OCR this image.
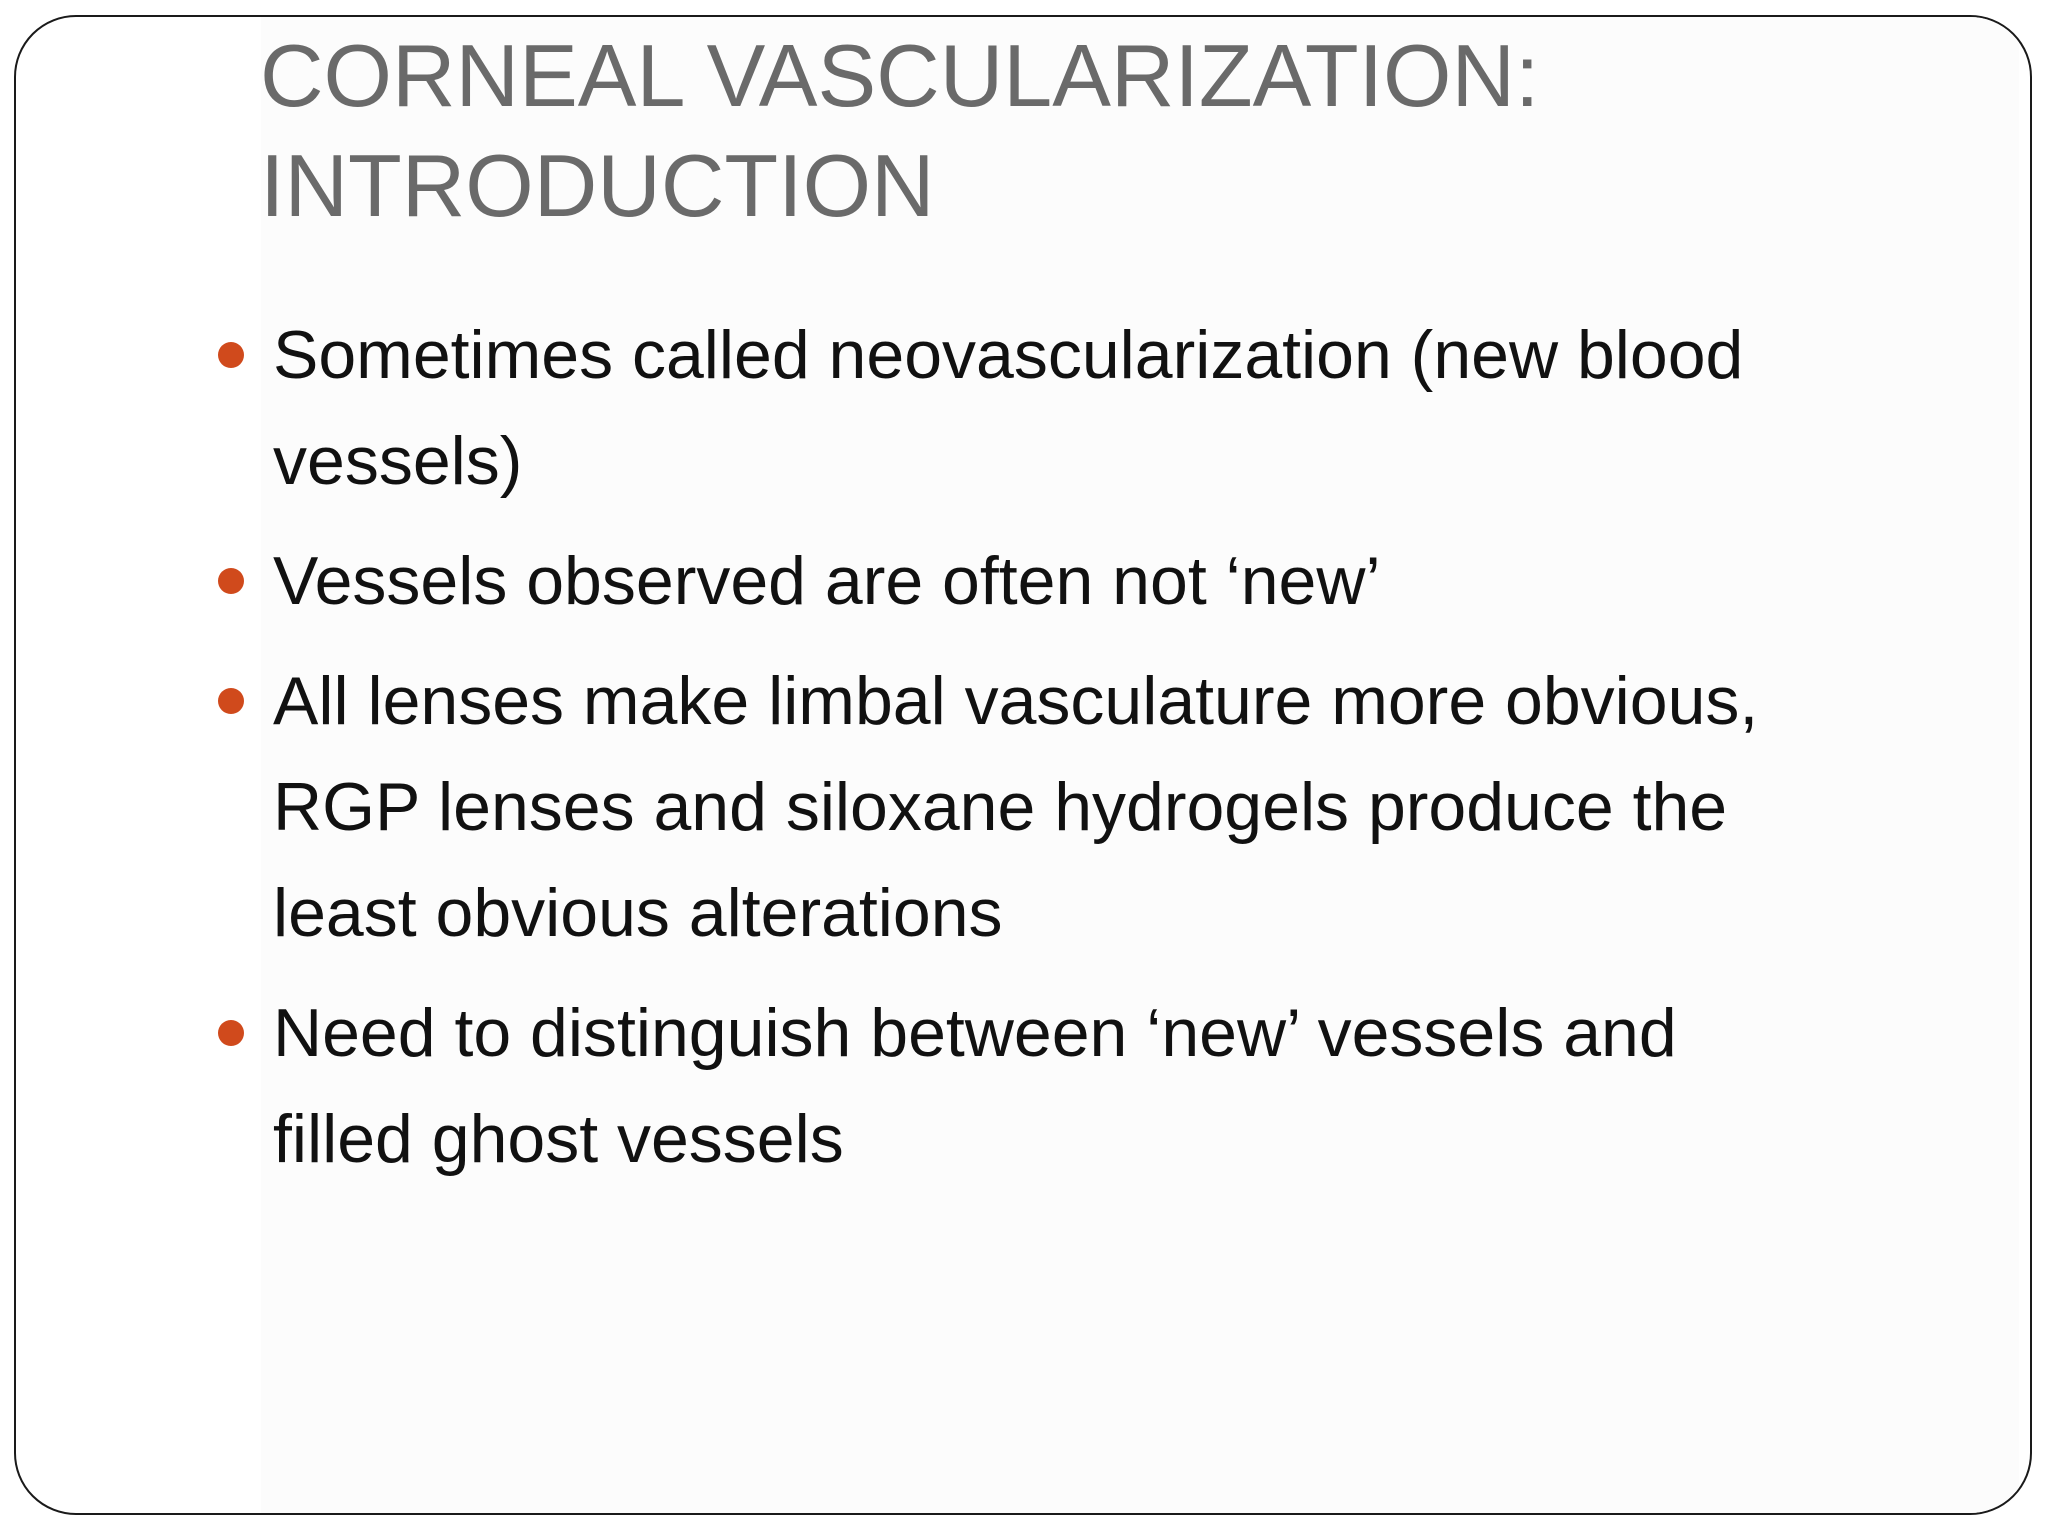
CORNEAL VASCULARIZATION:
INTRODUCTION
Sometimes called neovascularization (new blood
vessels)
Vessels observed are often not ‘new’
All lenses make limbal vasculature more obvious,
RGP lenses and siloxane hydrogels produce the
least obvious alterations
Need to distinguish between ‘new’ vessels and
filled ghost vessels
